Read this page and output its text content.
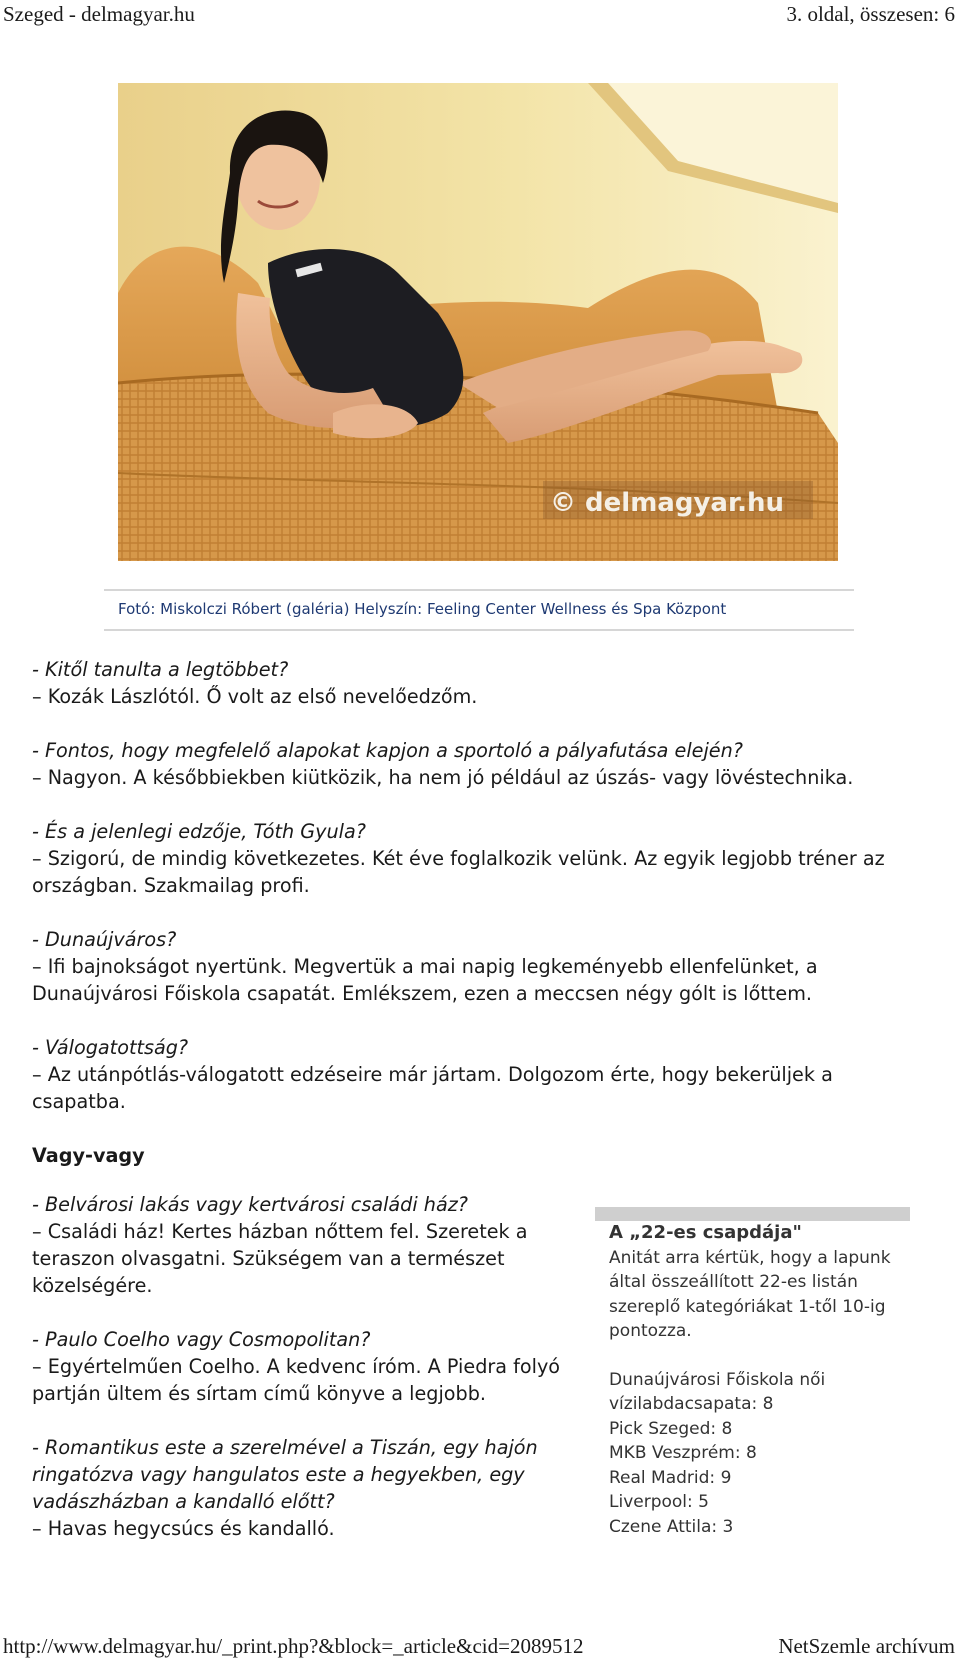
Szeged - delmagyar.hu	3. oldal, összesen: 6
© delmagyar.hu
Fotó: Miskolczi Róbert (galéria) Helyszín: Feeling Center Wellness és Spa Központ

- Kitől tanulta a legtöbbet?

– Kozák Lászlótól. Ő volt az első nevelőedzőm.

- Fontos, hogy megfelelő alapokat kapjon a sportoló a pályafutása elején?

– Nagyon. A későbbiekben kiütközik, ha nem jó például az úszás- vagy lövéstechnika.

- És a jelenlegi edzője, Tóth Gyula?

– Szigorú, de mindig következetes. Két éve foglalkozik velünk. Az egyik legjobb tréner az országban. Szakmailag profi.

- Dunaújváros?

– Ifi bajnokságot nyertünk. Megvertük a mai napig legkeményebb ellenfelünket, a Dunaújvárosi Főiskola csapatát. Emlékszem, ezen a meccsen négy gólt is lőttem.

- Válogatottság?

– Az utánpótlás-válogatott edzéseire már jártam. Dolgozom érte, hogy bekerüljek a csapatba.

Vagy-vagy

- Belvárosi lakás vagy kertvárosi családi ház?

– Családi ház! Kertes házban nőttem fel. Szeretek a teraszon olvasgatni. Szükségem van a természet közelségére.

- Paulo Coelho vagy Cosmopolitan?

– Egyértelműen Coelho. A kedvenc íróm. A Piedra folyó partján ültem és sírtam című könyve a legjobb.

- Romantikus este a szerelmével a Tiszán, egy hajón ringatózva vagy hangulatos este a hegyekben, egy vadászházban a kandalló előtt?

– Havas hegycsúcs és kandalló.

A „22-es csapdája"

Anitát arra kértük, hogy a lapunk által összeállított 22-es listán szereplő kategóriákat 1-től 10-ig pontozza.

Dunaújvárosi Főiskola női vízilabdacsapata: 8

Pick Szeged: 8

MKB Veszprém: 8

Real Madrid: 9

Liverpool: 5

Czene Attila: 3

http://www.delmagyar.hu/_print.php?&block=_article&cid=2089512	NetSzemle archívum
